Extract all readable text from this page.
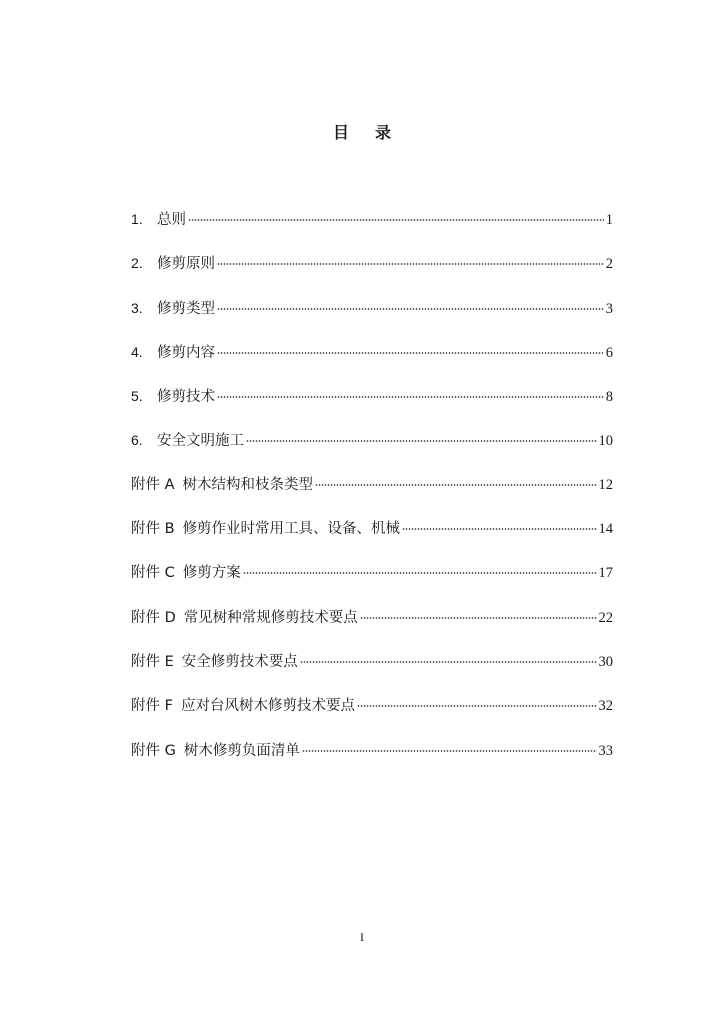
目 录
1. 总则	1
2. 修剪原则	2
3. 修剪类型	3
4. 修剪内容	6
5. 修剪技术	8
6. 安全文明施工	10
附件 A 树木结构和枝条类型	12
附件 B 修剪作业时常用工具、设备、机械	14
附件 C 修剪方案	17
附件 D 常见树种常规修剪技术要点	22
附件 E 安全修剪技术要点	30
附件 F 应对台风树木修剪技术要点	32
附件 G 树木修剪负面清单	33
I
